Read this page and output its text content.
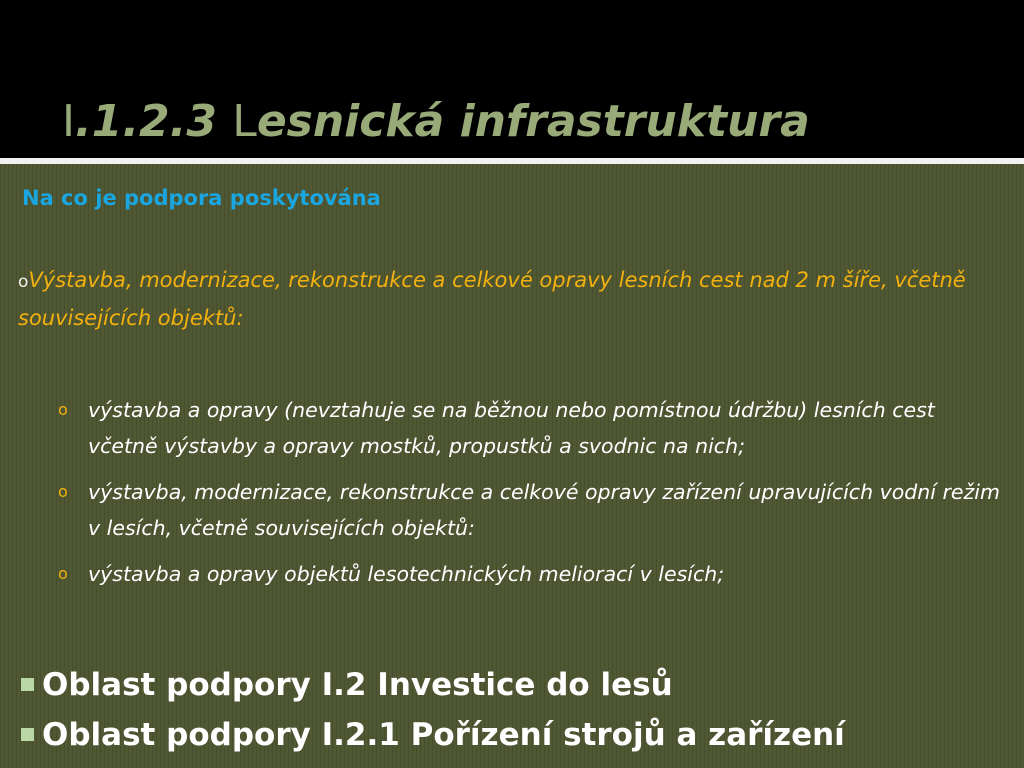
I.1.2.3 Lesnická infrastruktura

Na co je podpora poskytována

oVýstavba, modernizace, rekonstrukce a celkové opravy lesních cest nad 2 m šíře, včetně souvisejících objektů:

o výstavba a opravy (nevztahuje se na běžnou nebo pomístnou údržbu) lesních cest včetně výstavby a opravy mostků, propustků a svodnic na nich;
o výstavba, modernizace, rekonstrukce a celkové opravy zařízení upravujících vodní režim v lesích, včetně souvisejících objektů:
o výstavba a opravy objektů lesotechnických meliorací v lesích;
Oblast podpory I.2 Investice do lesů
Oblast podpory I.2.1 Pořízení strojů a zařízení
